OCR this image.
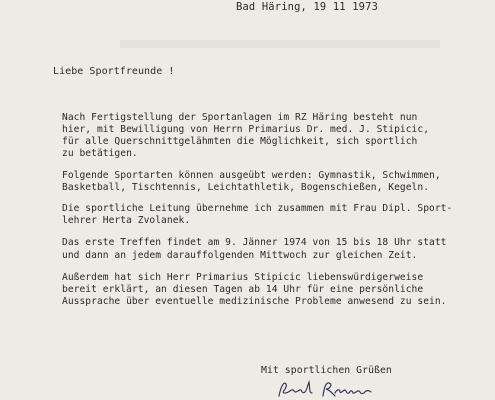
Bad Häring, 19 11 1973
Liebe Sportfreunde !
Nach Fertigstellung der Sportanlagen im RZ Häring besteht nun
hier, mit Bewilligung von Herrn Primarius Dr. med. J. Stipicic,
für alle Querschnittgelähmten die Möglichkeit, sich sportlich
zu betätigen.
Folgende Sportarten können ausgeübt werden: Gymnastik, Schwimmen,
Basketball, Tischtennis, Leichtathletik, Bogenschießen, Kegeln.
Die sportliche Leitung übernehme ich zusammen mit Frau Dipl. Sport-
lehrer Herta Zvolanek.
Das erste Treffen findet am 9. Jänner 1974 von 15 bis 18 Uhr statt
und dann an jedem darauffolgenden Mittwoch zur gleichen Zeit.
Außerdem hat sich Herr Primarius Stipicic liebenswürdigerweise
bereit erklärt, an diesen Tagen ab 14 Uhr für eine persönliche
Aussprache über eventuelle medizinische Probleme anwesend zu sein.
Mit sportlichen Grüßen
